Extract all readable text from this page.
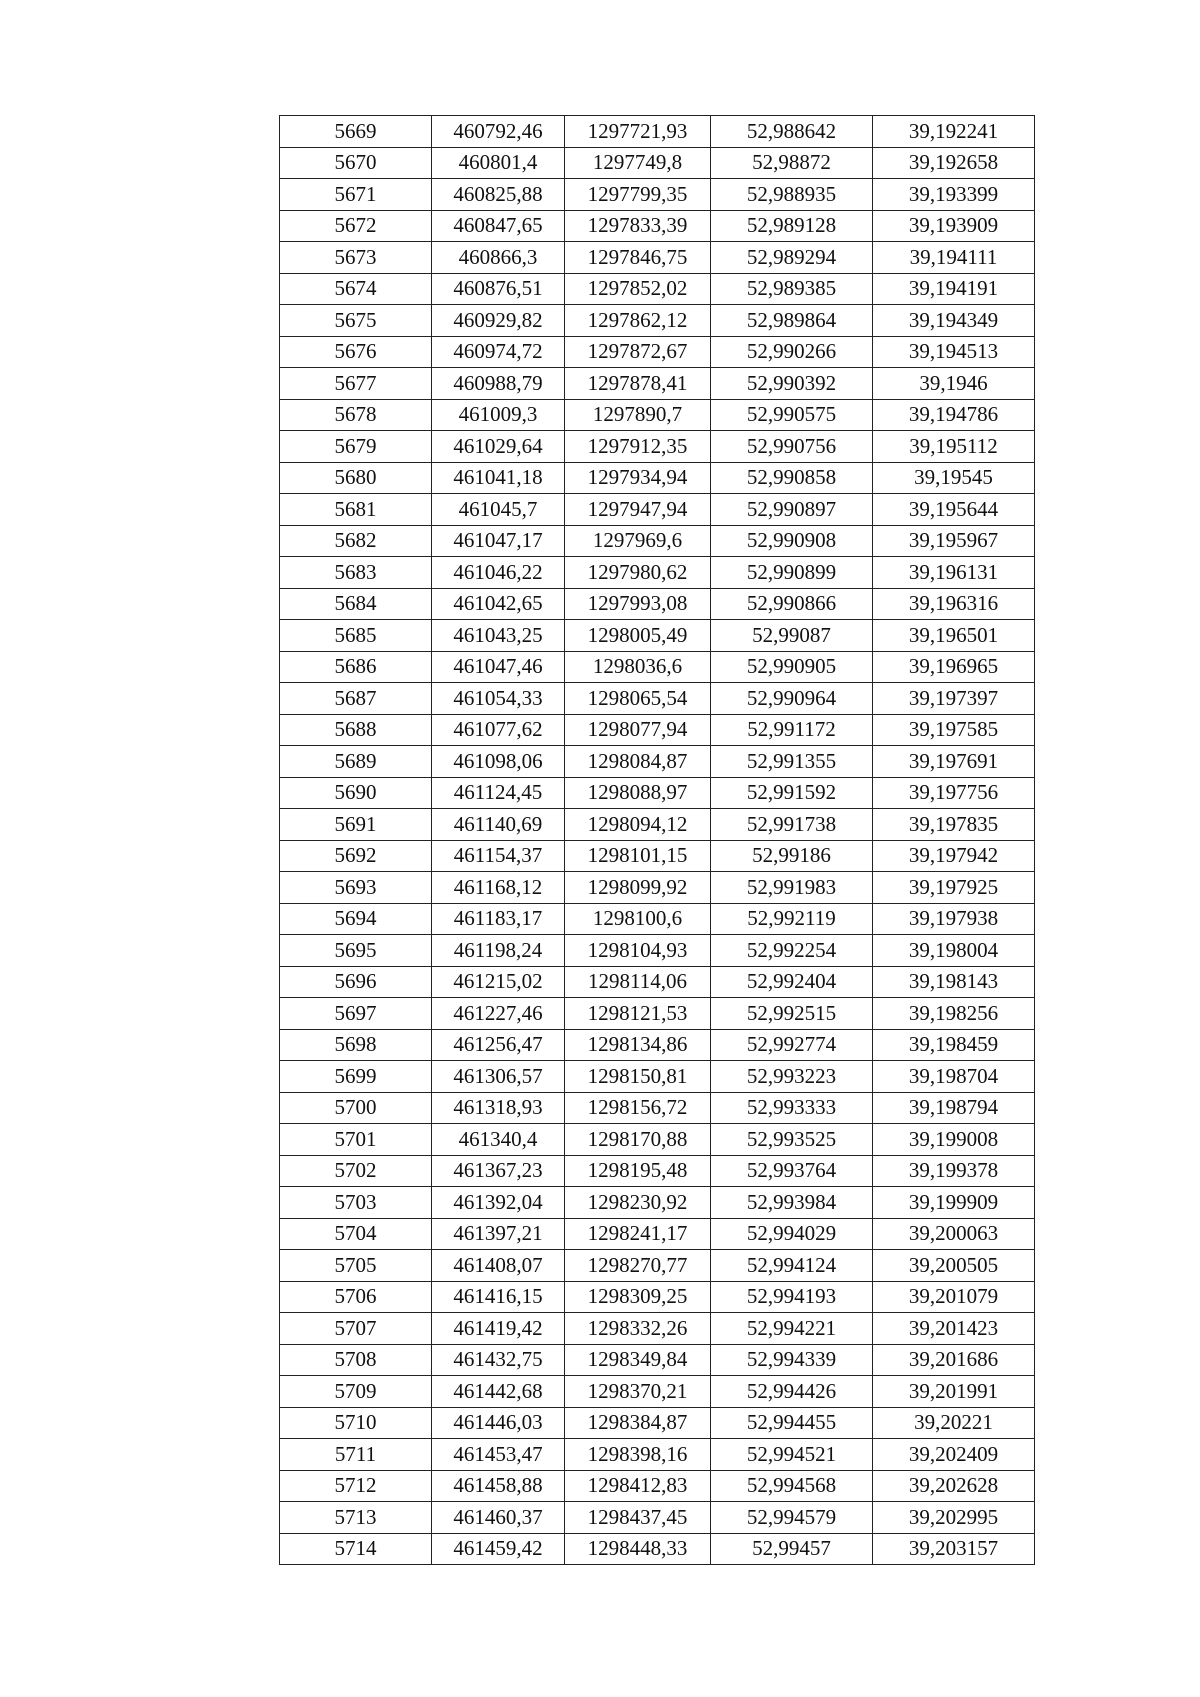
5669	460792,46	1297721,93	52,988642	39,192241
5670	460801,4	1297749,8	52,98872	39,192658
5671	460825,88	1297799,35	52,988935	39,193399
5672	460847,65	1297833,39	52,989128	39,193909
5673	460866,3	1297846,75	52,989294	39,194111
5674	460876,51	1297852,02	52,989385	39,194191
5675	460929,82	1297862,12	52,989864	39,194349
5676	460974,72	1297872,67	52,990266	39,194513
5677	460988,79	1297878,41	52,990392	39,1946
5678	461009,3	1297890,7	52,990575	39,194786
5679	461029,64	1297912,35	52,990756	39,195112
5680	461041,18	1297934,94	52,990858	39,19545
5681	461045,7	1297947,94	52,990897	39,195644
5682	461047,17	1297969,6	52,990908	39,195967
5683	461046,22	1297980,62	52,990899	39,196131
5684	461042,65	1297993,08	52,990866	39,196316
5685	461043,25	1298005,49	52,99087	39,196501
5686	461047,46	1298036,6	52,990905	39,196965
5687	461054,33	1298065,54	52,990964	39,197397
5688	461077,62	1298077,94	52,991172	39,197585
5689	461098,06	1298084,87	52,991355	39,197691
5690	461124,45	1298088,97	52,991592	39,197756
5691	461140,69	1298094,12	52,991738	39,197835
5692	461154,37	1298101,15	52,99186	39,197942
5693	461168,12	1298099,92	52,991983	39,197925
5694	461183,17	1298100,6	52,992119	39,197938
5695	461198,24	1298104,93	52,992254	39,198004
5696	461215,02	1298114,06	52,992404	39,198143
5697	461227,46	1298121,53	52,992515	39,198256
5698	461256,47	1298134,86	52,992774	39,198459
5699	461306,57	1298150,81	52,993223	39,198704
5700	461318,93	1298156,72	52,993333	39,198794
5701	461340,4	1298170,88	52,993525	39,199008
5702	461367,23	1298195,48	52,993764	39,199378
5703	461392,04	1298230,92	52,993984	39,199909
5704	461397,21	1298241,17	52,994029	39,200063
5705	461408,07	1298270,77	52,994124	39,200505
5706	461416,15	1298309,25	52,994193	39,201079
5707	461419,42	1298332,26	52,994221	39,201423
5708	461432,75	1298349,84	52,994339	39,201686
5709	461442,68	1298370,21	52,994426	39,201991
5710	461446,03	1298384,87	52,994455	39,20221
5711	461453,47	1298398,16	52,994521	39,202409
5712	461458,88	1298412,83	52,994568	39,202628
5713	461460,37	1298437,45	52,994579	39,202995
5714	461459,42	1298448,33	52,99457	39,203157
